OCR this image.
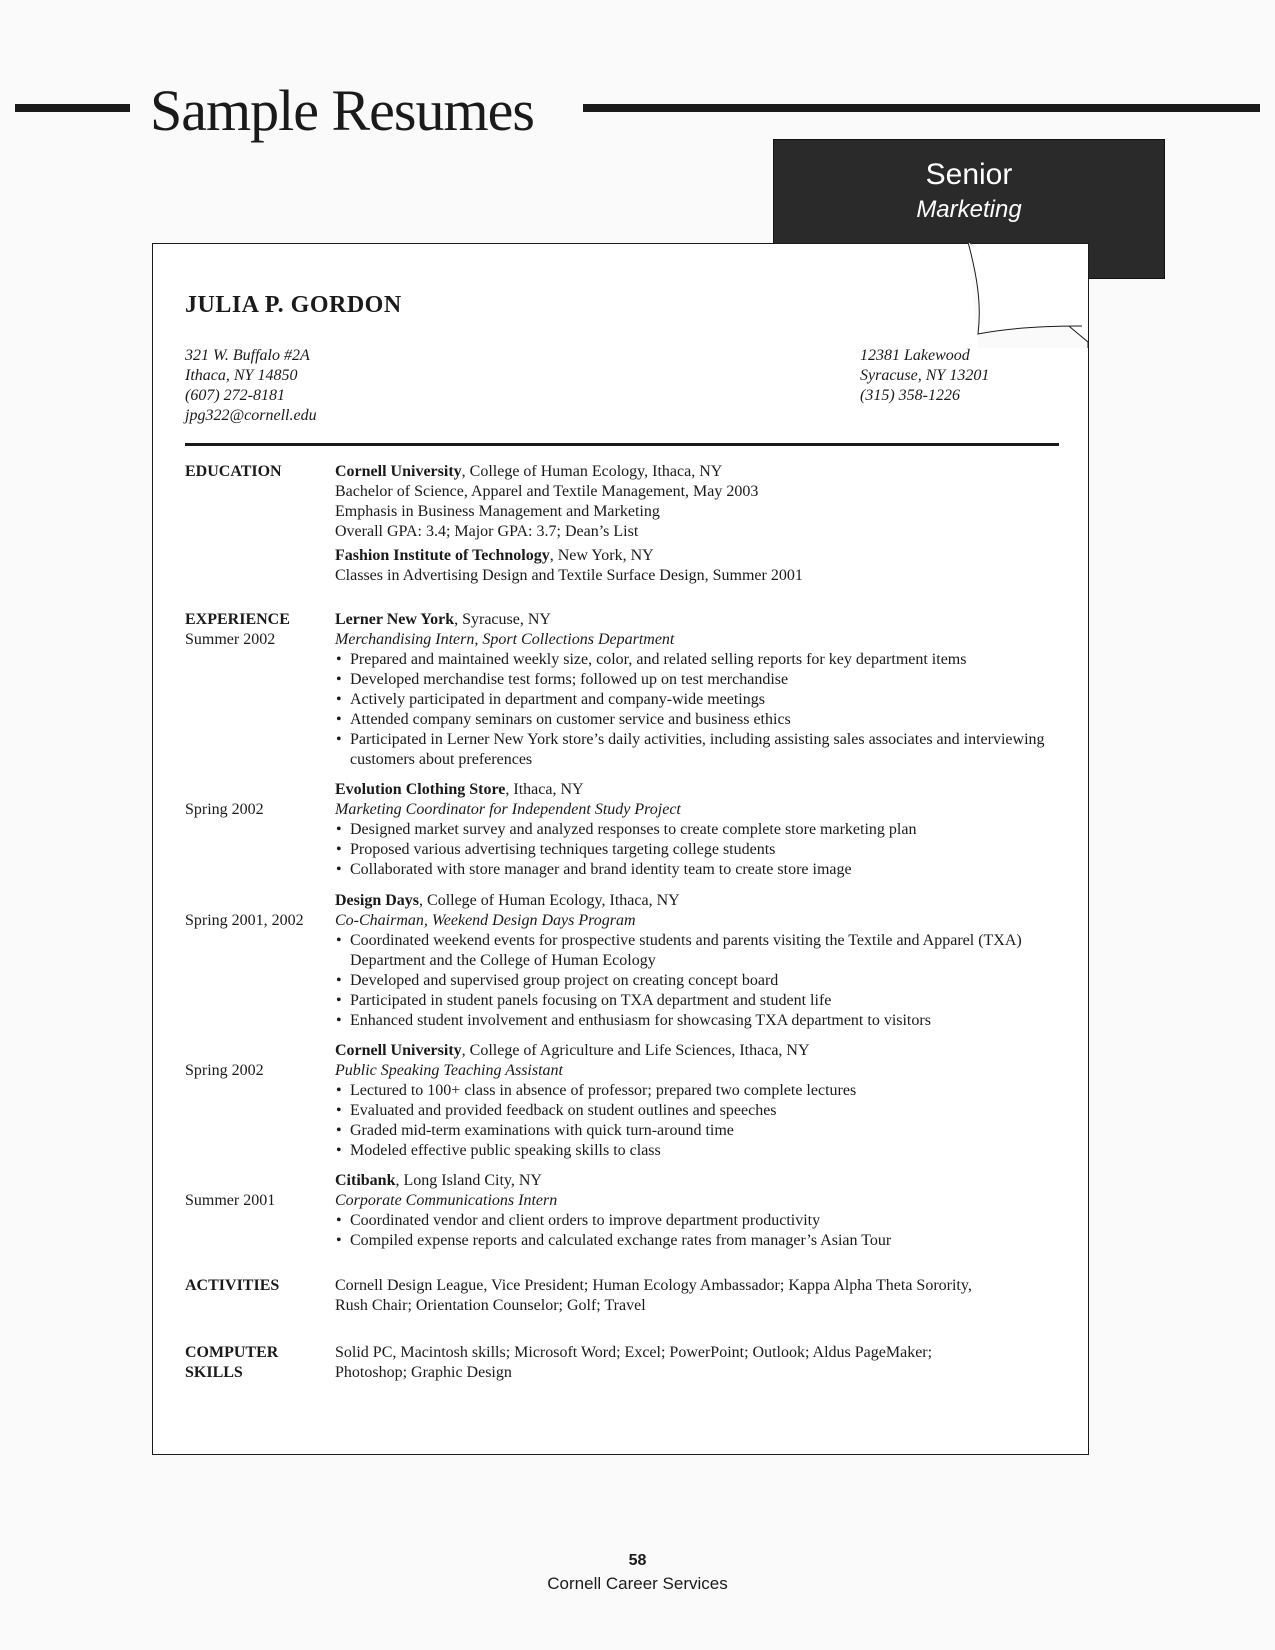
Sample Resumes
Senior
Marketing
JULIA P. GORDON
321 W. Buffalo #2A
Ithaca, NY 14850
(607) 272-8181
jpg322@cornell.edu
12381 Lakewood
Syracuse, NY 13201
(315) 358-1226
EDUCATION	Cornell University, College of Human Ecology, Ithaca, NY
Bachelor of Science, Apparel and Textile Management, May 2003
Emphasis in Business Management and Marketing
Overall GPA: 3.4; Major GPA: 3.7; Dean’s List
Fashion Institute of Technology, New York, NY
Classes in Advertising Design and Textile Surface Design, Summer 2001
EXPERIENCE
Summer 2002
Lerner New York, Syracuse, NY
Merchandising Intern, Sport Collections Department
• Prepared and maintained weekly size, color, and related selling reports for key department items
• Developed merchandise test forms; followed up on test merchandise
• Actively participated in department and company-wide meetings
• Attended company seminars on customer service and business ethics
• Participated in Lerner New York store’s daily activities, including assisting sales associates and interviewing customers about preferences
Spring 2002
Evolution Clothing Store, Ithaca, NY
Marketing Coordinator for Independent Study Project
• Designed market survey and analyzed responses to create complete store marketing plan
• Proposed various advertising techniques targeting college students
• Collaborated with store manager and brand identity team to create store image
Spring 2001, 2002
Design Days, College of Human Ecology, Ithaca, NY
Co-Chairman, Weekend Design Days Program
• Coordinated weekend events for prospective students and parents visiting the Textile and Apparel (TXA) Department and the College of Human Ecology
• Developed and supervised group project on creating concept board
• Participated in student panels focusing on TXA department and student life
• Enhanced student involvement and enthusiasm for showcasing TXA department to visitors
Spring 2002
Cornell University, College of Agriculture and Life Sciences, Ithaca, NY
Public Speaking Teaching Assistant
• Lectured to 100+ class in absence of professor; prepared two complete lectures
• Evaluated and provided feedback on student outlines and speeches
• Graded mid-term examinations with quick turn-around time
• Modeled effective public speaking skills to class
Summer 2001
Citibank, Long Island City, NY
Corporate Communications Intern
• Coordinated vendor and client orders to improve department productivity
• Compiled expense reports and calculated exchange rates from manager’s Asian Tour
ACTIVITIES	Cornell Design League, Vice President; Human Ecology Ambassador; Kappa Alpha Theta Sorority,
Rush Chair; Orientation Counselor; Golf; Travel
COMPUTER
SKILLS
Solid PC, Macintosh skills; Microsoft Word; Excel; PowerPoint; Outlook; Aldus PageMaker;
Photoshop; Graphic Design
58
Cornell Career Services
